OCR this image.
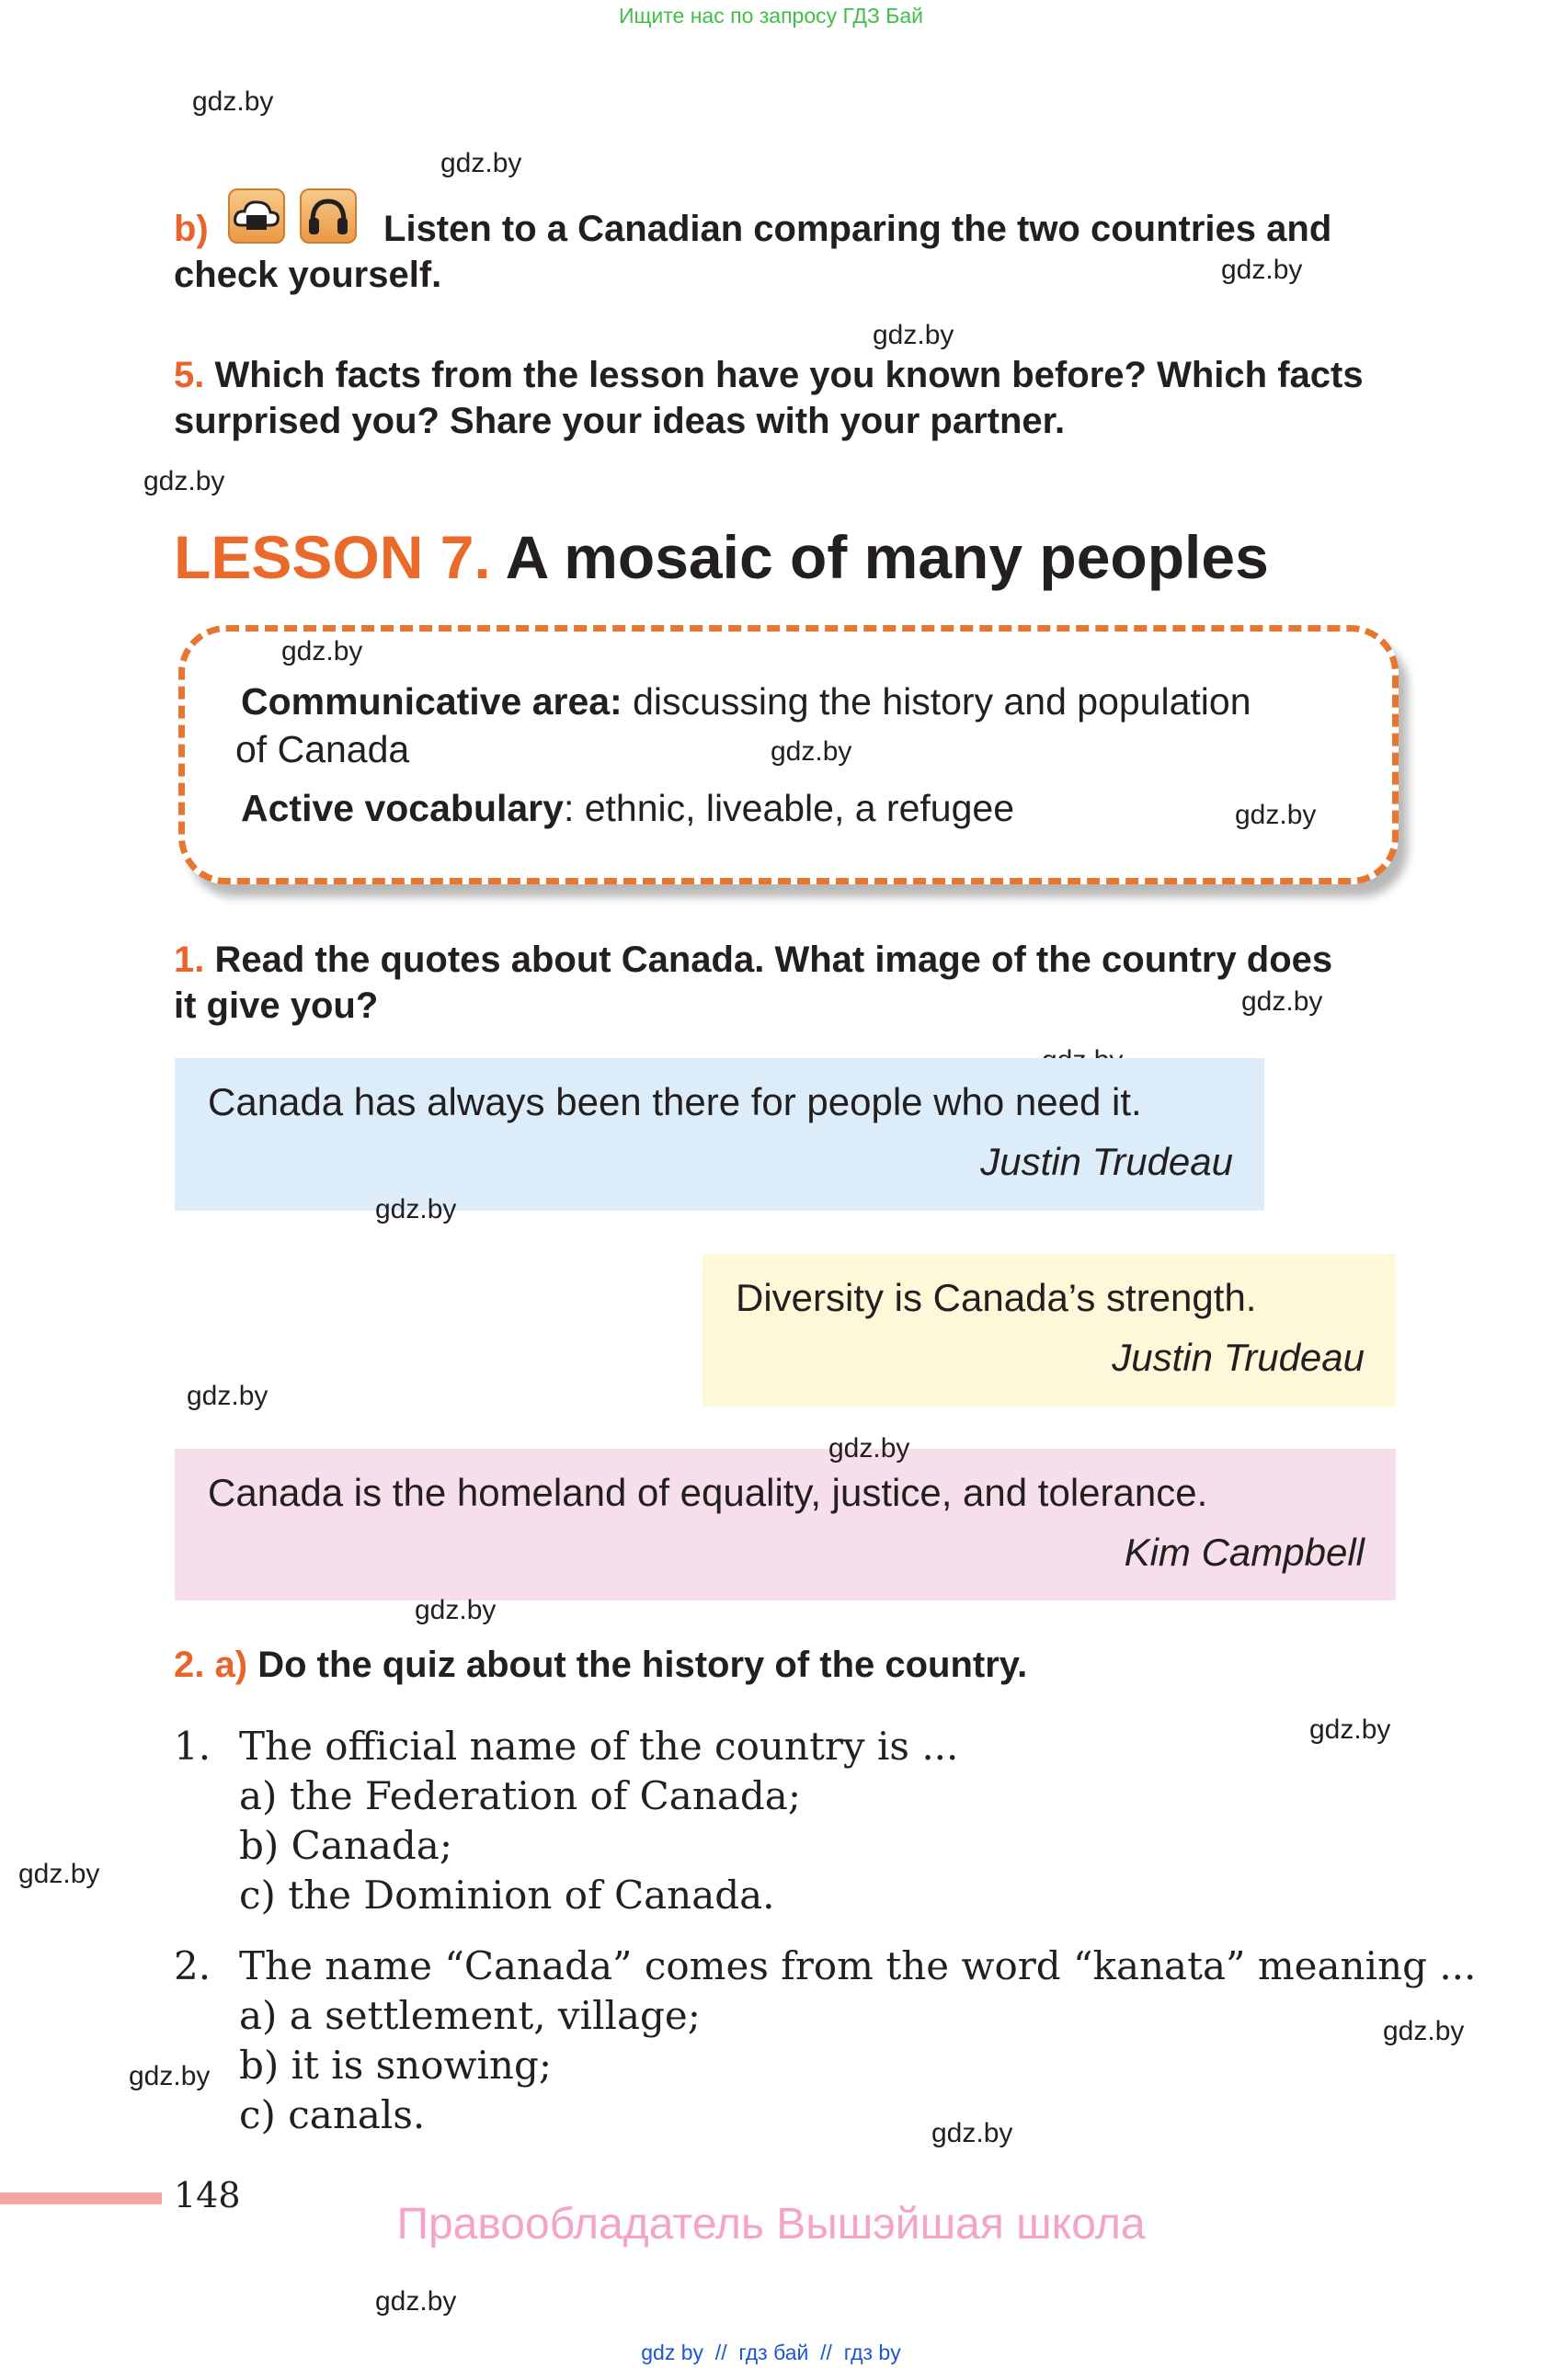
Ищите нас по запросу ГДЗ Бай
gdz.by
gdz.by
gdz.by
gdz.by
gdz.by
b)	Listen to a Canadian comparing the two countries and
check yourself.
5. Which facts from the lesson have you known before? Which facts
surprised you? Share your ideas with your partner.
LESSON 7. A mosaic of many peoples
gdz.by
Communicative area: discussing the history and population
of Canada	gdz.by
Active vocabulary: ethnic, liveable, a refugee	gdz.by
1. Read the quotes about Canada. What image of the country does
it give you?	gdz.by
Canada has always been there for people who need it.
Justin Trudeau
gdz.by
Diversity is Canada’s strength.
Justin Trudeau
gdz.by
Canada is the homeland of equality, justice, and tolerance.
Kim Campbell
gdz.by
gdz.by
2. a) Do the quiz about the history of the country.
1. The official name of the country is ...
a) the Federation of Canada;
b) Canada;
c) the Dominion of Canada.
gdz.by
gdz.by
2. The name “Canada” comes from the word “kanata” meaning ...
a) a settlement, village;
b) it is snowing;
c) canals.
gdz.by
gdz.by
gdz.by
148
Правообладатель Вышэйшая школа
gdz.by
gdz by  //  гдз бай  //  гдз by
